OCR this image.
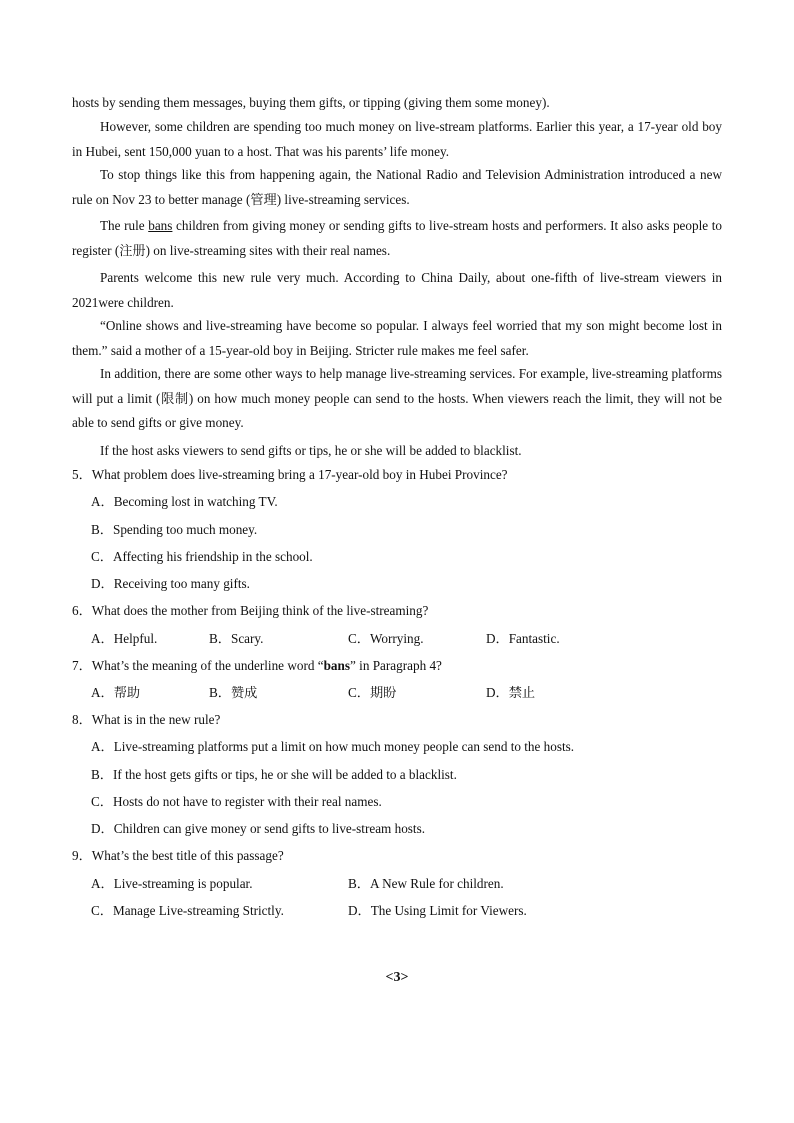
hosts by sending them messages, buying them gifts, or tipping (giving them some money).
However, some children are spending too much money on live-stream platforms. Earlier this year, a 17-year old boy in Hubei, sent 150,000 yuan to a host. That was his parents’ life money.
To stop things like this from happening again, the National Radio and Television Administration introduced a new rule on Nov 23 to better manage (管理) live-streaming services.
The rule bans children from giving money or sending gifts to live-stream hosts and performers. It also asks people to register (注册) on live-streaming sites with their real names.
Parents welcome this new rule very much. According to China Daily, about one-fifth of live-stream viewers in 2021were children.
“Online shows and live-streaming have become so popular. I always feel worried that my son might become lost in them.” said a mother of a 15-year-old boy in Beijing. Stricter rule makes me feel safer.
In addition, there are some other ways to help manage live-streaming services. For example, live-streaming platforms will put a limit (限制) on how much money people can send to the hosts. When viewers reach the limit, they will not be able to send gifts or give money.
If the host asks viewers to send gifts or tips, he or she will be added to blacklist.
5．What problem does live-streaming bring a 17-year-old boy in Hubei Province?
A．Becoming lost in watching TV.
B．Spending too much money.
C．Affecting his friendship in the school.
D．Receiving too many gifts.
6．What does the mother from Beijing think of the live-streaming?
A．Helpful.	B．Scary.	C．Worrying.	D．Fantastic.
7．What’s the meaning of the underline word “bans” in Paragraph 4?
A．帮助	B．赞成	C．期盼	D．禁止
8．What is in the new rule?
A．Live-streaming platforms put a limit on how much money people can send to the hosts.
B．If the host gets gifts or tips, he or she will be added to a blacklist.
C．Hosts do not have to register with their real names.
D．Children can give money or send gifts to live-stream hosts.
9．What’s the best title of this passage?
A．Live-streaming is popular.	B．A New Rule for children.
C．Manage Live-streaming Strictly.	D．The Using Limit for Viewers.
<3>
